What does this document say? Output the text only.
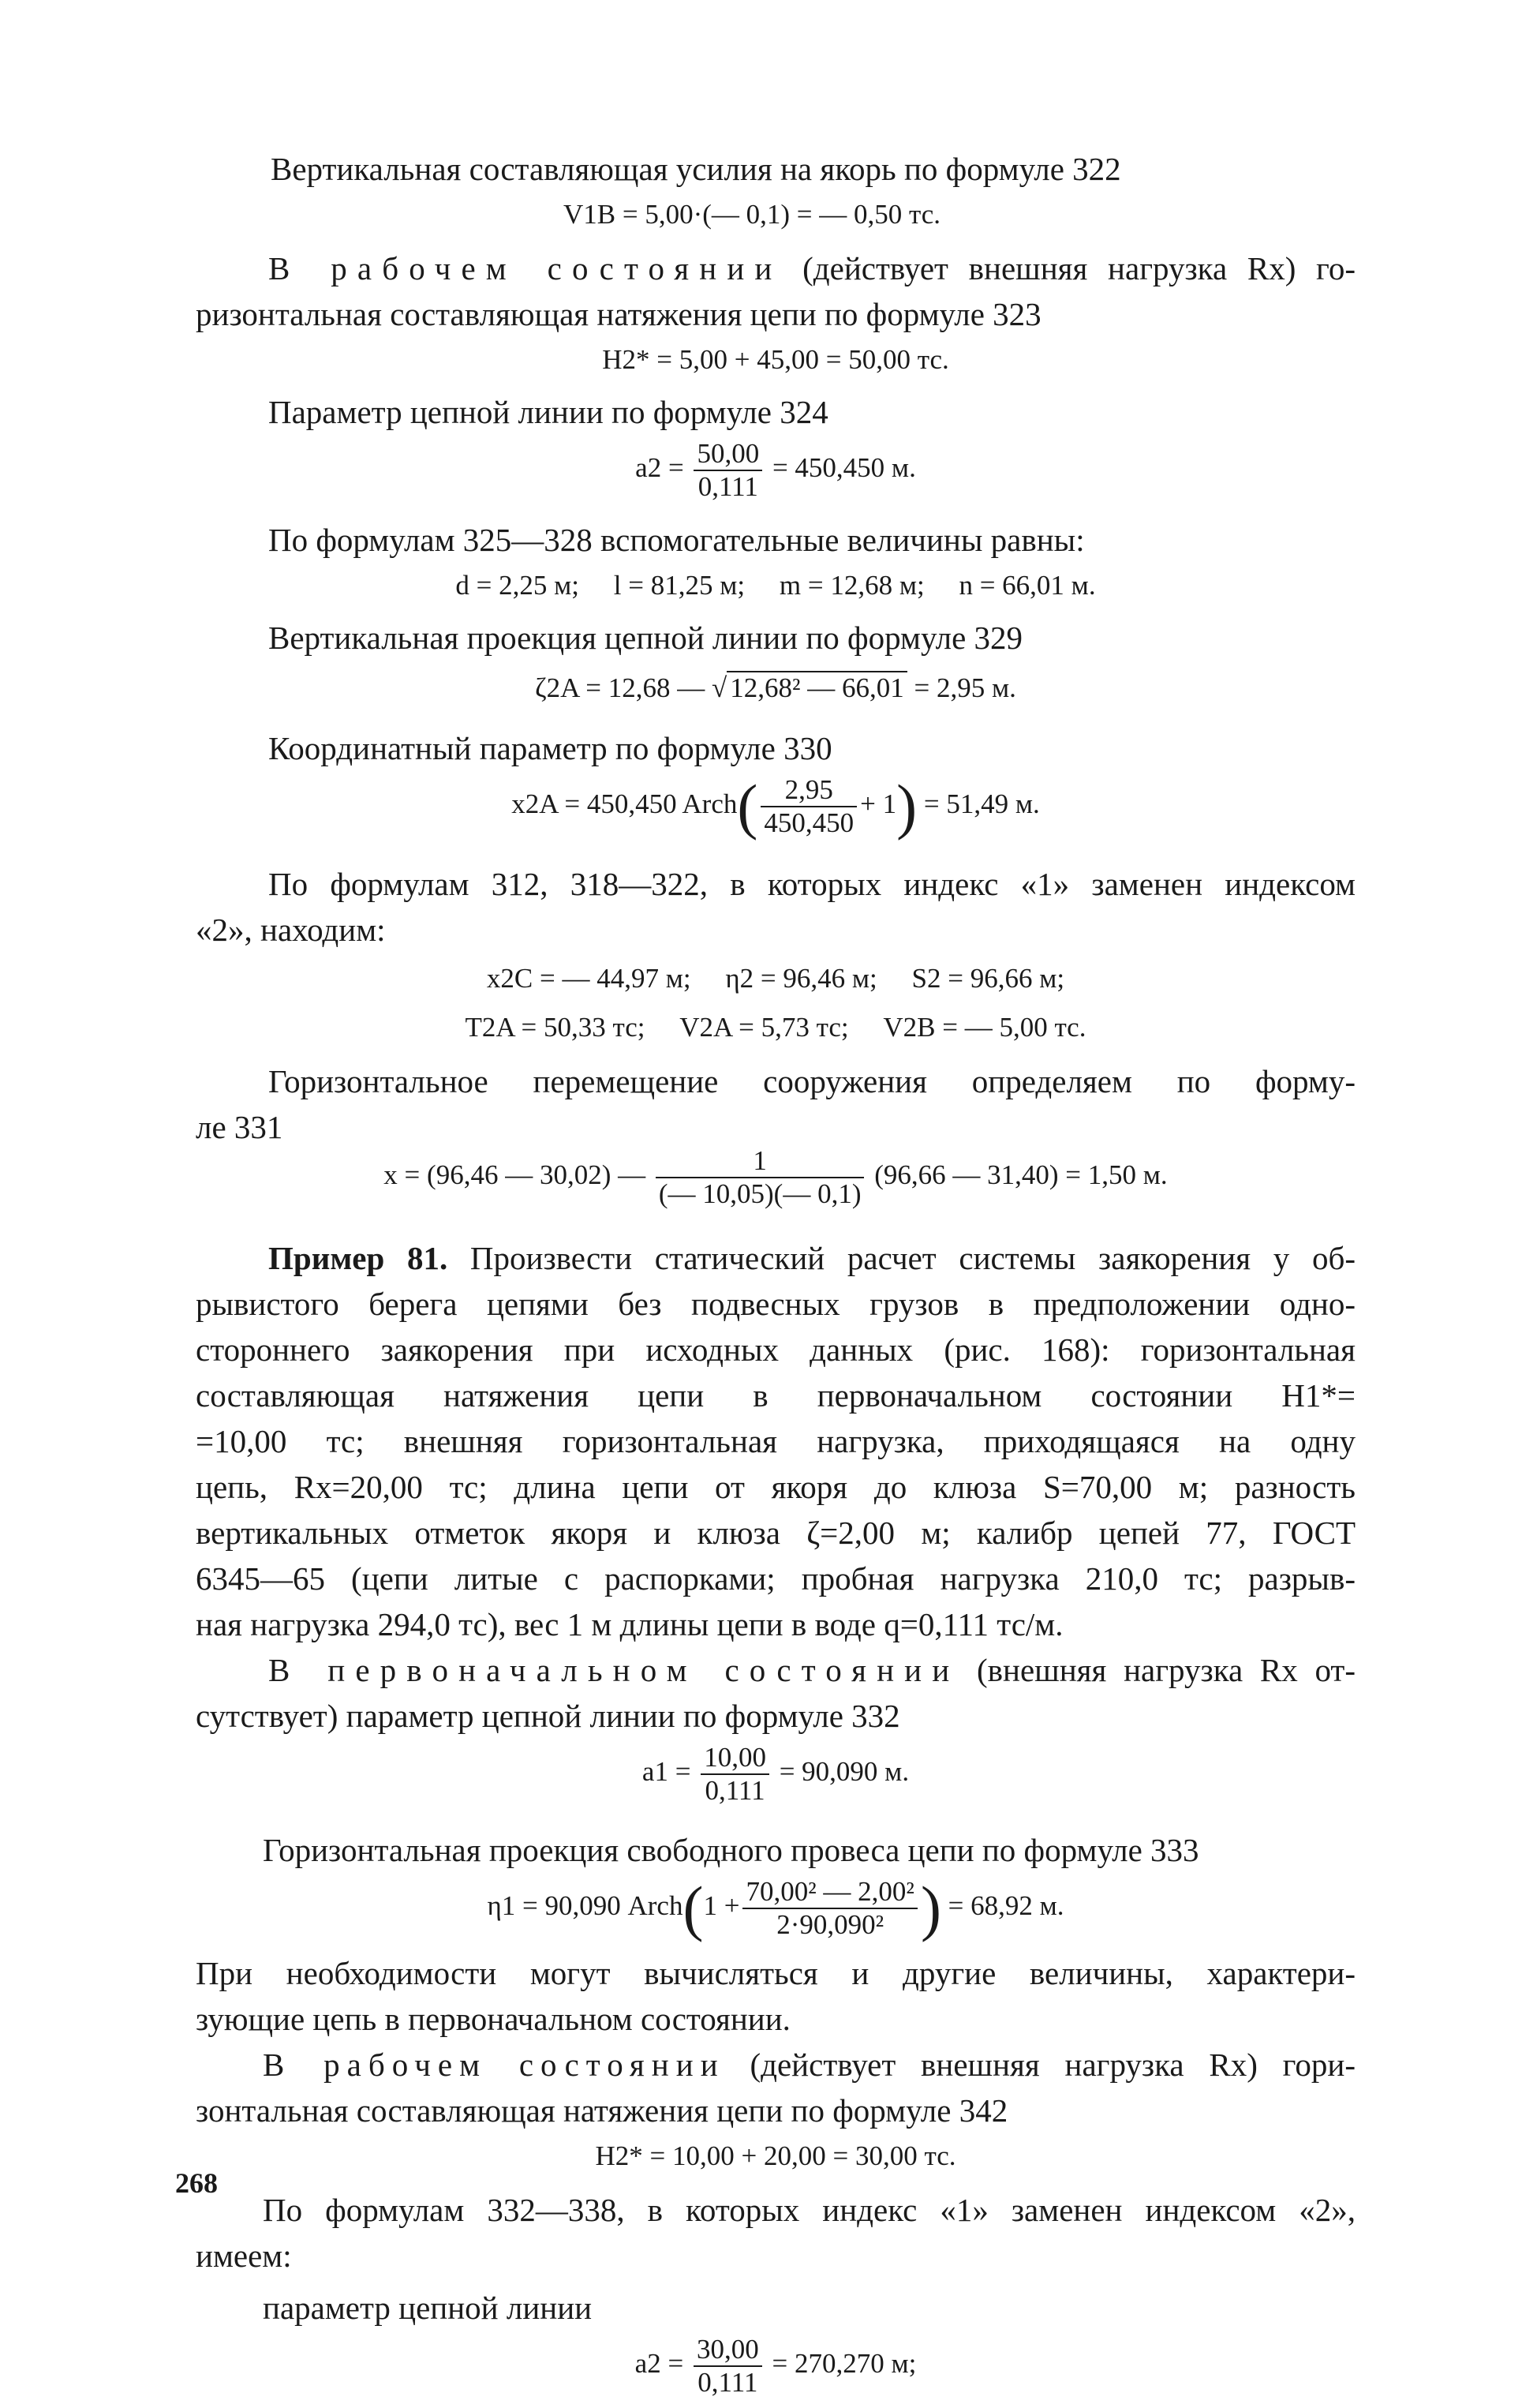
Вертикальная составляющая усилия на якорь по формуле 322

V1B = 5,00·(— 0,1) = — 0,50 тс.

В рабочем состоянии (действует внешняя нагрузка Rx) го-
ризонтальная составляющая натяжения цепи по формуле 323

H2* = 5,00 + 45,00 = 50,00 тс.

Параметр цепной линии по формуле 324

$a2 = \frac{50,00}{0,111} = 450,450$ м.

По формулам 325—328 вспомогательные величины равны:

d = 2,25 м;     l = 81,25 м;     m = 12,68 м;     n = 66,01 м.

Вертикальная проекция цепной линии по формуле 329

ζ2A = 12,68 — √ 12,68² — 66,01 = 2,95 м.

Координатный параметр по формуле 330

x2A = 450,450 Arch( $\frac{2,95}{450,450} + 1) = 51,49$ м.

По формулам 312, 318—322, в которых индекс «1» заменен индексом
«2», находим:

x2C = — 44,97 м;     η2 = 96,46 м;     S2 = 96,66 м;
T2A = 50,33 тс;     V2A = 5,73 тс;     V2B = — 5,00 тс.

Горизонтальное перемещение сооружения определяем по форму-
ле 331

x = (96,46 — 30,02) — $\frac{1}{(— 10,05)(— 0,1)} (96,66$ — 31,40) = 1,50 м.

Пример 81. Произвести статический расчет системы заякорения у об-
рывистого берега цепями без подвесных грузов в предположении одно-
стороннего заякорения при исходных данных (рис. 168): горизонтальная
составляющая натяжения цепи в первоначальном состоянии H1*=
=10,00 тс; внешняя горизонтальная нагрузка, приходящаяся на одну
цепь, Rx=20,00 тс; длина цепи от якоря до клюза S=70,00 м; разность
вертикальных отметок якоря и клюза ζ=2,00 м; калибр цепей 77, ГОСТ
6345—65 (цепи литые с распорками; пробная нагрузка 210,0 тс; разрыв-
ная нагрузка 294,0 тс), вес 1 м длины цепи в воде q=0,111 тс/м.

В первоначальном состоянии (внешняя нагрузка Rx от-
сутствует) параметр цепной линии по формуле 332

$a1 = \frac{10,00}{0,111} = 90,090$ м.

Горизонтальная проекция свободного провеса цепи по формуле 333

η1 = 90,090 Arch(1 + $\frac{\text{70,00² — 2,00²}}{\text{2·90,090²}}$ ) = 68,92 м.

При необходимости могут вычисляться и другие величины, характери-
зующие цепь в первоначальном состоянии.

В рабочем состоянии (действует внешняя нагрузка Rx) гори-
зонтальная составляющая натяжения цепи по формуле 342

H2* = 10,00 + 20,00 = 30,00 тс.

По формулам 332—338, в которых индекс «1» заменен индексом «2»,
имеем:

параметр цепной линии

$a2 = \frac{30,00}{0,111} = 270,270$ м;
268
